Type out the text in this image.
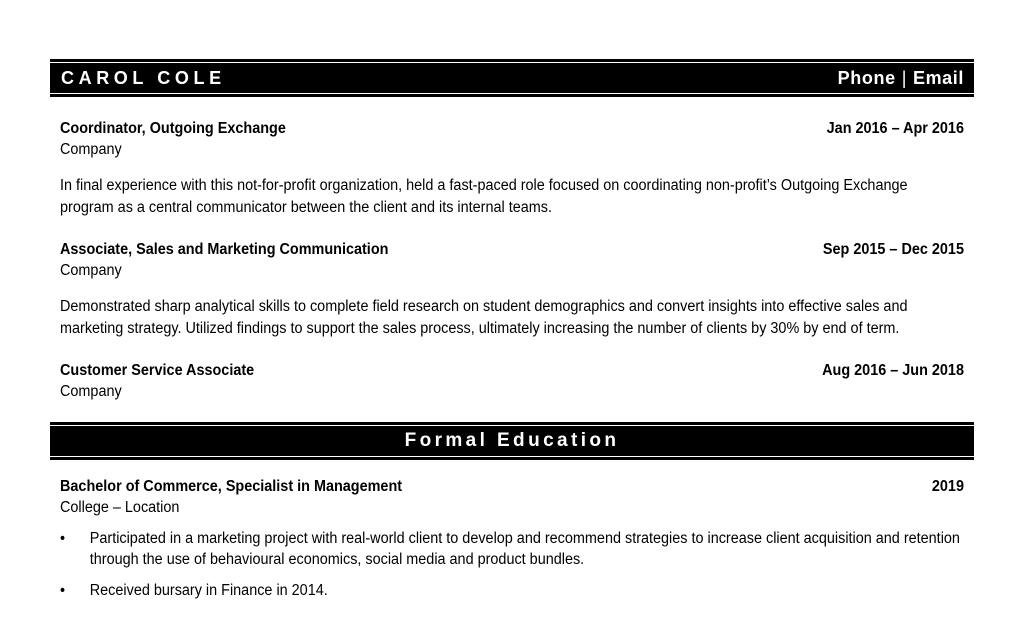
CAROL COLE	Phone | Email
Coordinator, Outgoing Exchange	Jan 2016 – Apr 2016
Company
In final experience with this not-for-profit organization, held a fast-paced role focused on coordinating non-profit’s Outgoing Exchange program as a central communicator between the client and its internal teams.
Associate, Sales and Marketing Communication	Sep 2015 – Dec 2015
Company
Demonstrated sharp analytical skills to complete field research on student demographics and convert insights into effective sales and marketing strategy. Utilized findings to support the sales process, ultimately increasing the number of clients by 30% by end of term.
Customer Service Associate	Aug 2016 – Jun 2018
Company
Formal Education
Bachelor of Commerce, Specialist in Management	2019
College – Location
• Participated in a marketing project with real-world client to develop and recommend strategies to increase client acquisition and retention through the use of behavioural economics, social media and product bundles.
• Received bursary in Finance in 2014.
